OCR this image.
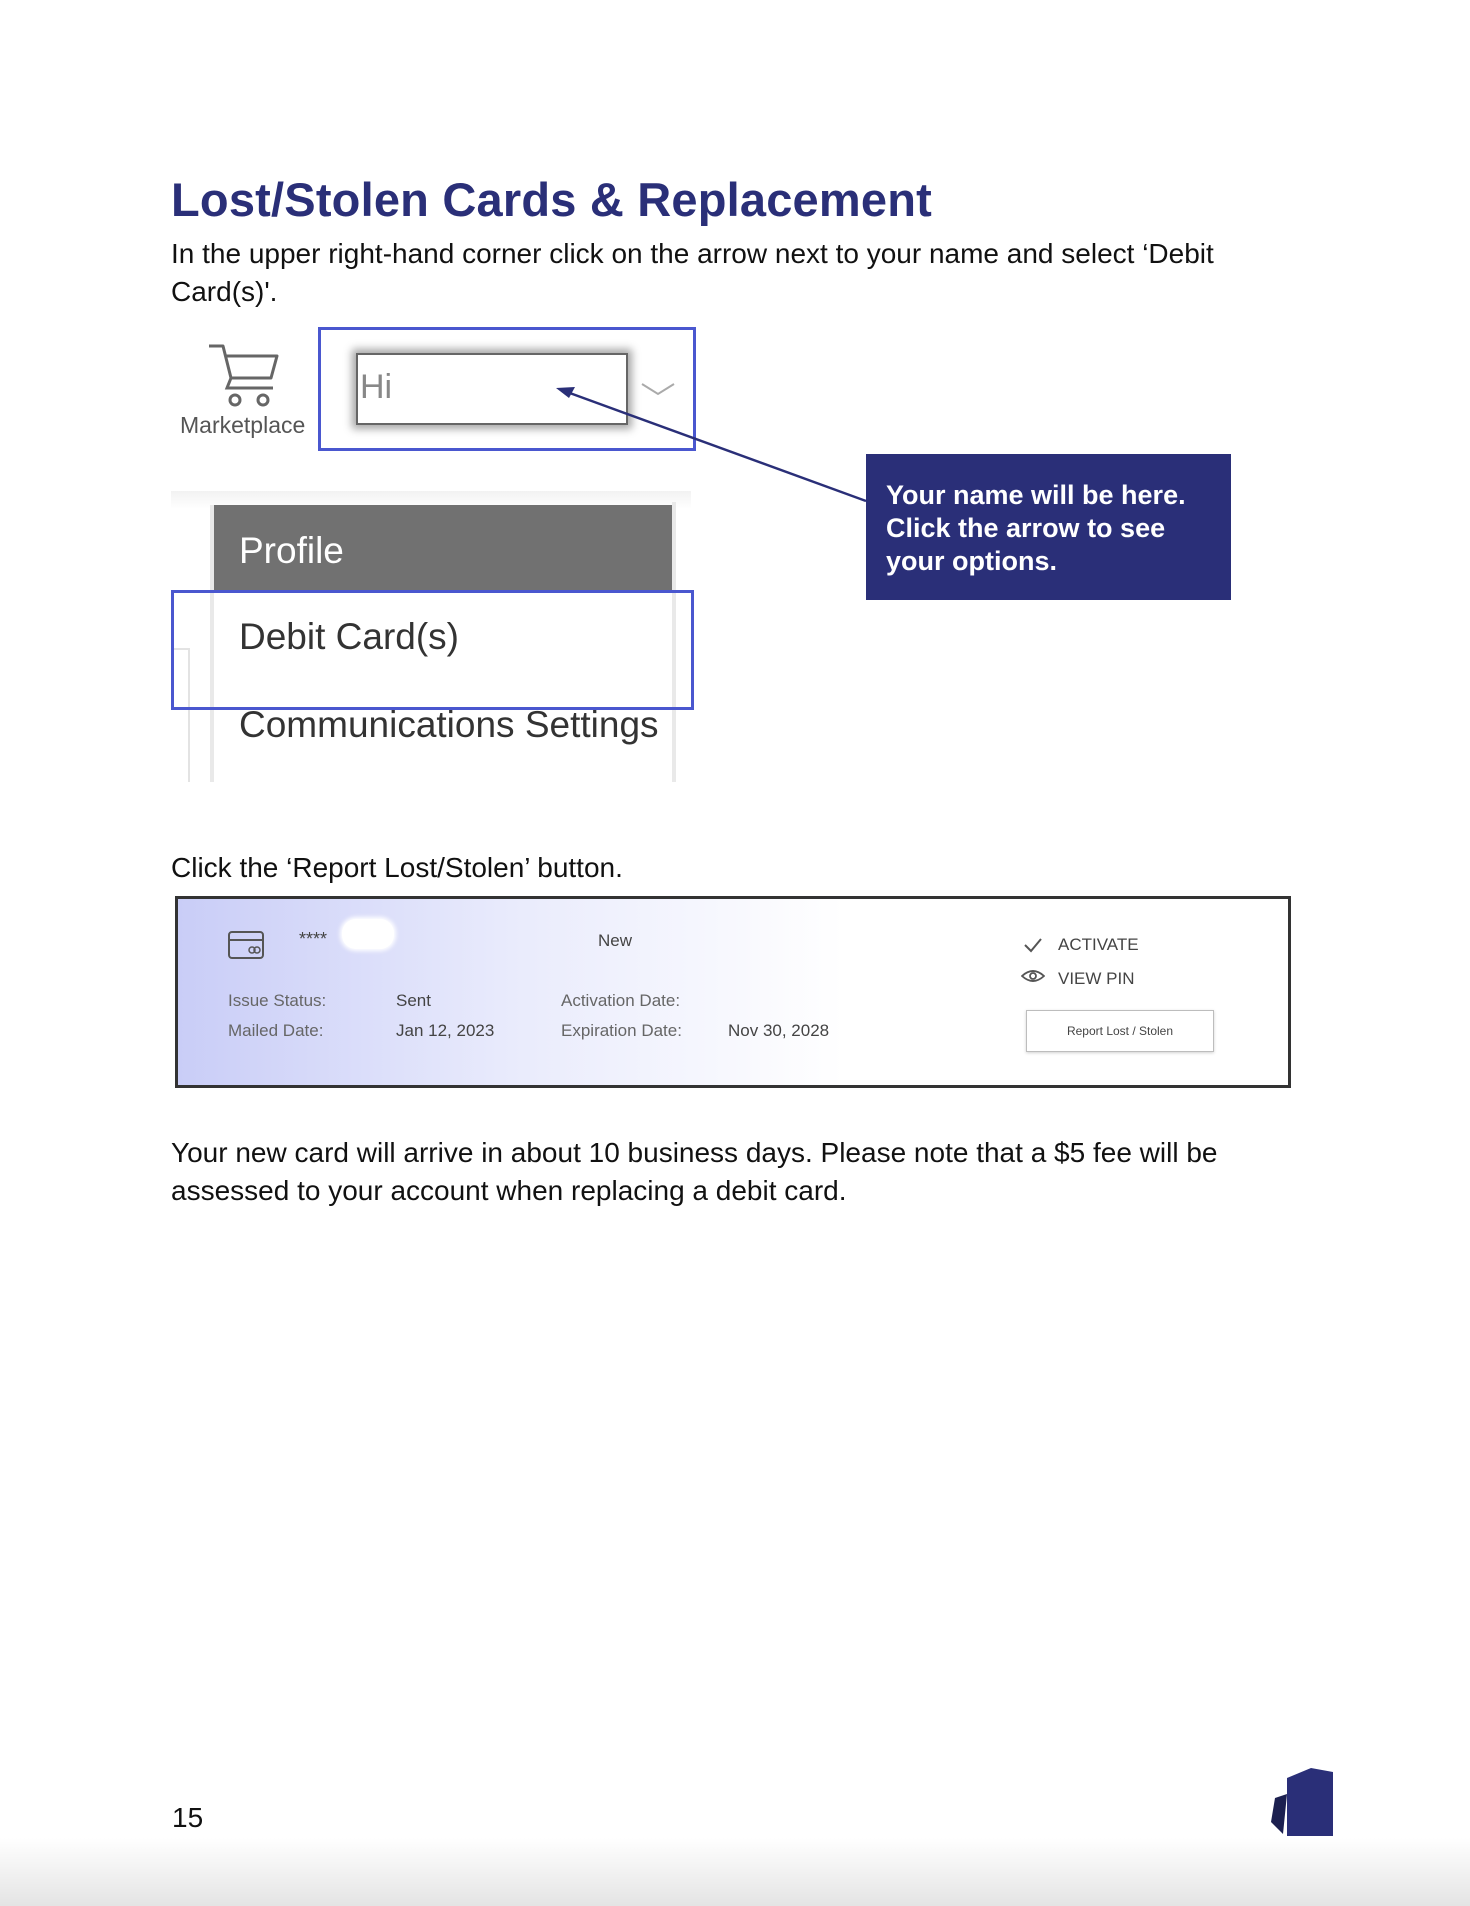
Lost/Stolen Cards & Replacement
In the upper right-hand corner click on the arrow next to your name and select ‘Debit Card(s)'.
Marketplace
Hi
Profile
Debit Card(s)
Communications Settings
Your name will be here.
Click the arrow to see
your options.
Click the ‘Report Lost/Stolen’ button.
****	New
Issue Status:	Sent
Mailed Date:	Jan 12, 2023
Activation Date:
Expiration Date:	Nov 30, 2028
ACTIVATE
VIEW PIN
Report Lost / Stolen
Your new card will arrive in about 10 business days. Please note that a $5 fee will be assessed to your account when replacing a debit card.
15
